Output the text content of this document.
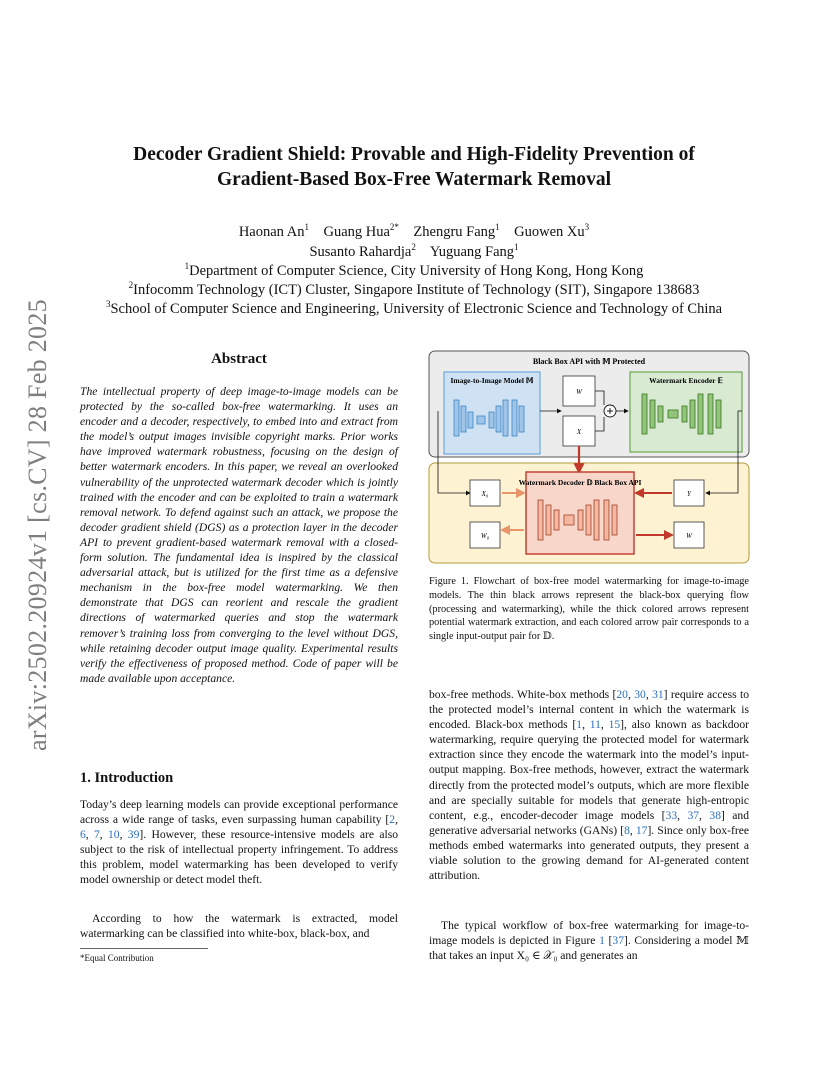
arXiv:2502.20924v1 [cs.CV] 28 Feb 2025
Decoder Gradient Shield: Provable and High-Fidelity Prevention of
Gradient-Based Box-Free Watermark Removal
Haonan An$^1$ Guang Hua$^{2*}$ Zhengru Fang$^1$ Guowen Xu$^3$
Susanto Rahardja$^2$ Yuguang Fang$^1$
$^1$Department of Computer Science, City University of Hong Kong, Hong Kong
$^2$Infocomm Technology (ICT) Cluster, Singapore Institute of Technology (SIT), Singapore 138683
$^3$School of Computer Science and Engineering, University of Electronic Science and Technology of China
Abstract
The intellectual property of deep image-to-image models can be protected by the so-called box-free watermarking. It uses an encoder and a decoder, respectively, to embed into and extract from the model’s output images invisible copyright marks. Prior works have improved watermark robustness, focusing on the design of better watermark encoders. In this paper, we reveal an overlooked vulnerability of the unprotected watermark decoder which is jointly trained with the encoder and can be exploited to train a watermark removal network. To defend against such an attack, we propose the decoder gradient shield (DGS) as a protection layer in the decoder API to prevent gradient-based watermark removal with a closed-form solution. The fundamental idea is inspired by the classical adversarial attack, but is utilized for the first time as a defensive mechanism in the box-free model watermarking. We then demonstrate that DGS can reorient and rescale the gradient directions of watermarked queries and stop the watermark remover’s training loss from converging to the level without DGS, while retaining decoder output image quality. Experimental results verify the effectiveness of proposed method. Code of paper will be made available upon acceptance.
1. Introduction
Today’s deep learning models can provide exceptional performance across a wide range of tasks, even surpassing human capability [2, 6, 7, 10, 39]. However, these resource-intensive models are also subject to the risk of intellectual property infringement. To address this problem, model watermarking has been developed to verify model ownership or detect model theft.
According to how the watermark is extracted, model watermarking can be classified into white-box, black-box, and
*Equal Contribution
Black Box API with 𝕄 Protected
Image-to-Image Model 𝕄
W
X
Watermark Encoder 𝔼
X₀
W₀
Watermark Decoder 𝔻 Black Box API
Y
W
Figure 1. Flowchart of box-free model watermarking for image-to-image models. The thin black arrows represent the black-box querying flow (processing and watermarking), while the thick colored arrows represent potential watermark extraction, and each colored arrow pair corresponds to a single input-output pair for 𝔻.
box-free methods. White-box methods [20, 30, 31] require access to the protected model’s internal content in which the watermark is encoded. Black-box methods [1, 11, 15], also known as backdoor watermarking, require querying the protected model for watermark extraction since they encode the watermark into the model’s input-output mapping. Box-free methods, however, extract the watermark directly from the protected model’s outputs, which are more flexible and are specially suitable for models that generate high-entropic content, e.g., encoder-decoder image models [33, 37, 38] and generative adversarial networks (GANs) [8, 17]. Since only box-free methods embed watermarks into generated outputs, they present a viable solution to the growing demand for AI-generated content attribution.
The typical workflow of box-free watermarking for image-to-image models is depicted in Figure 1 [37]. Considering a model 𝕄 that takes an input X₀ ∈ 𝒳₀ and generates an
